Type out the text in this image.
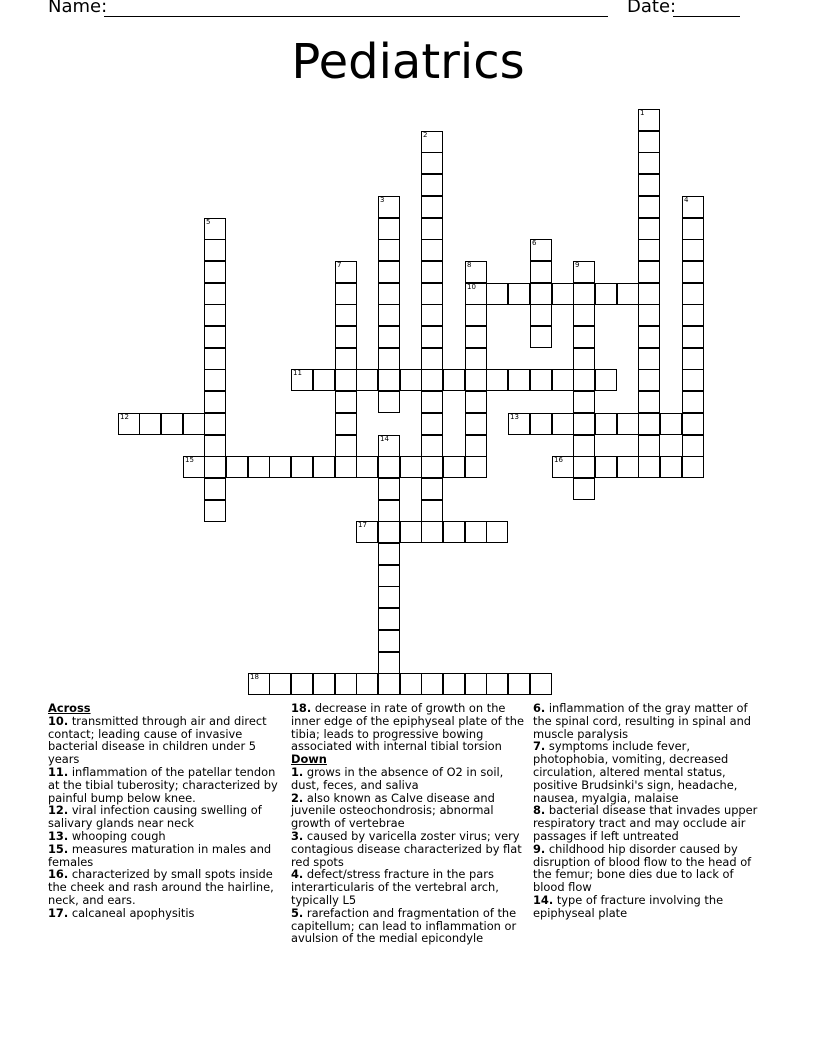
Name:	Date:
Pediatrics
1
2
3	4
5
6
7	8
10
9
11
12	13
14
15	16
17
18
Across
10. transmitted through air and direct contact; leading cause of invasive bacterial disease in children under 5 years
11. inflammation of the patellar tendon at the tibial tuberosity; characterized by painful bump below knee.
12. viral infection causing swelling of salivary glands near neck
13. whooping cough
15. measures maturation in males and females
16. characterized by small spots inside the cheek and rash around the hairline, neck, and ears.
17. calcaneal apophysitis
18. decrease in rate of growth on the inner edge of the epiphyseal plate of the tibia; leads to progressive bowing associated with internal tibial torsion
Down
1. grows in the absence of O2 in soil, dust, feces, and saliva
2. also known as Calve disease and juvenile osteochondrosis; abnormal growth of vertebrae
3. caused by varicella zoster virus; very contagious disease characterized by flat red spots
4. defect/stress fracture in the pars interarticularis of the vertebral arch, typically L5
5. rarefaction and fragmentation of the capitellum; can lead to inflammation or avulsion of the medial epicondyle
6. inflammation of the gray matter of the spinal cord, resulting in spinal and muscle paralysis
7. symptoms include fever, photophobia, vomiting, decreased circulation, altered mental status, positive Brudsinki's sign, headache, nausea, myalgia, malaise
8. bacterial disease that invades upper respiratory tract and may occlude air passages if left untreated
9. childhood hip disorder caused by disruption of blood flow to the head of the femur; bone dies due to lack of blood flow
14. type of fracture involving the epiphyseal plate
